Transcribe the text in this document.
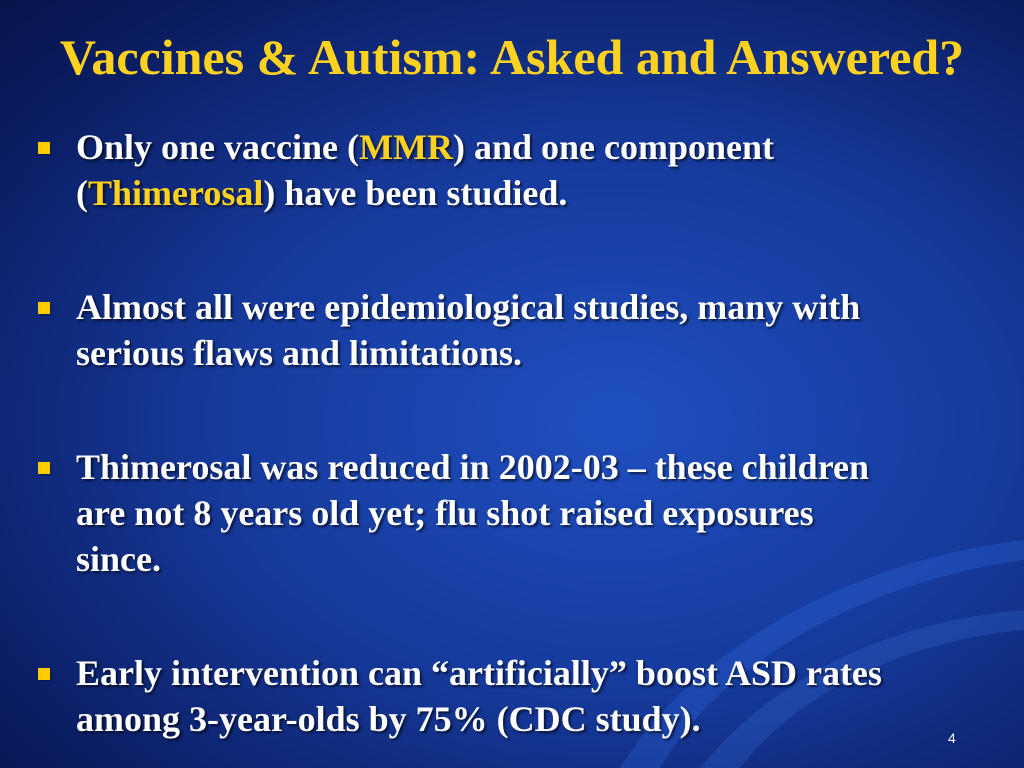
Vaccines & Autism: Asked and Answered?
Only one vaccine (MMR) and one component
(Thimerosal) have been studied.
Almost all were epidemiological studies, many with
serious flaws and limitations.
Thimerosal was reduced in 2002-03 – these children
are not 8 years old yet; flu shot raised exposures
since.
Early intervention can “artificially” boost ASD rates
among 3-year-olds by 75% (CDC study).	4
